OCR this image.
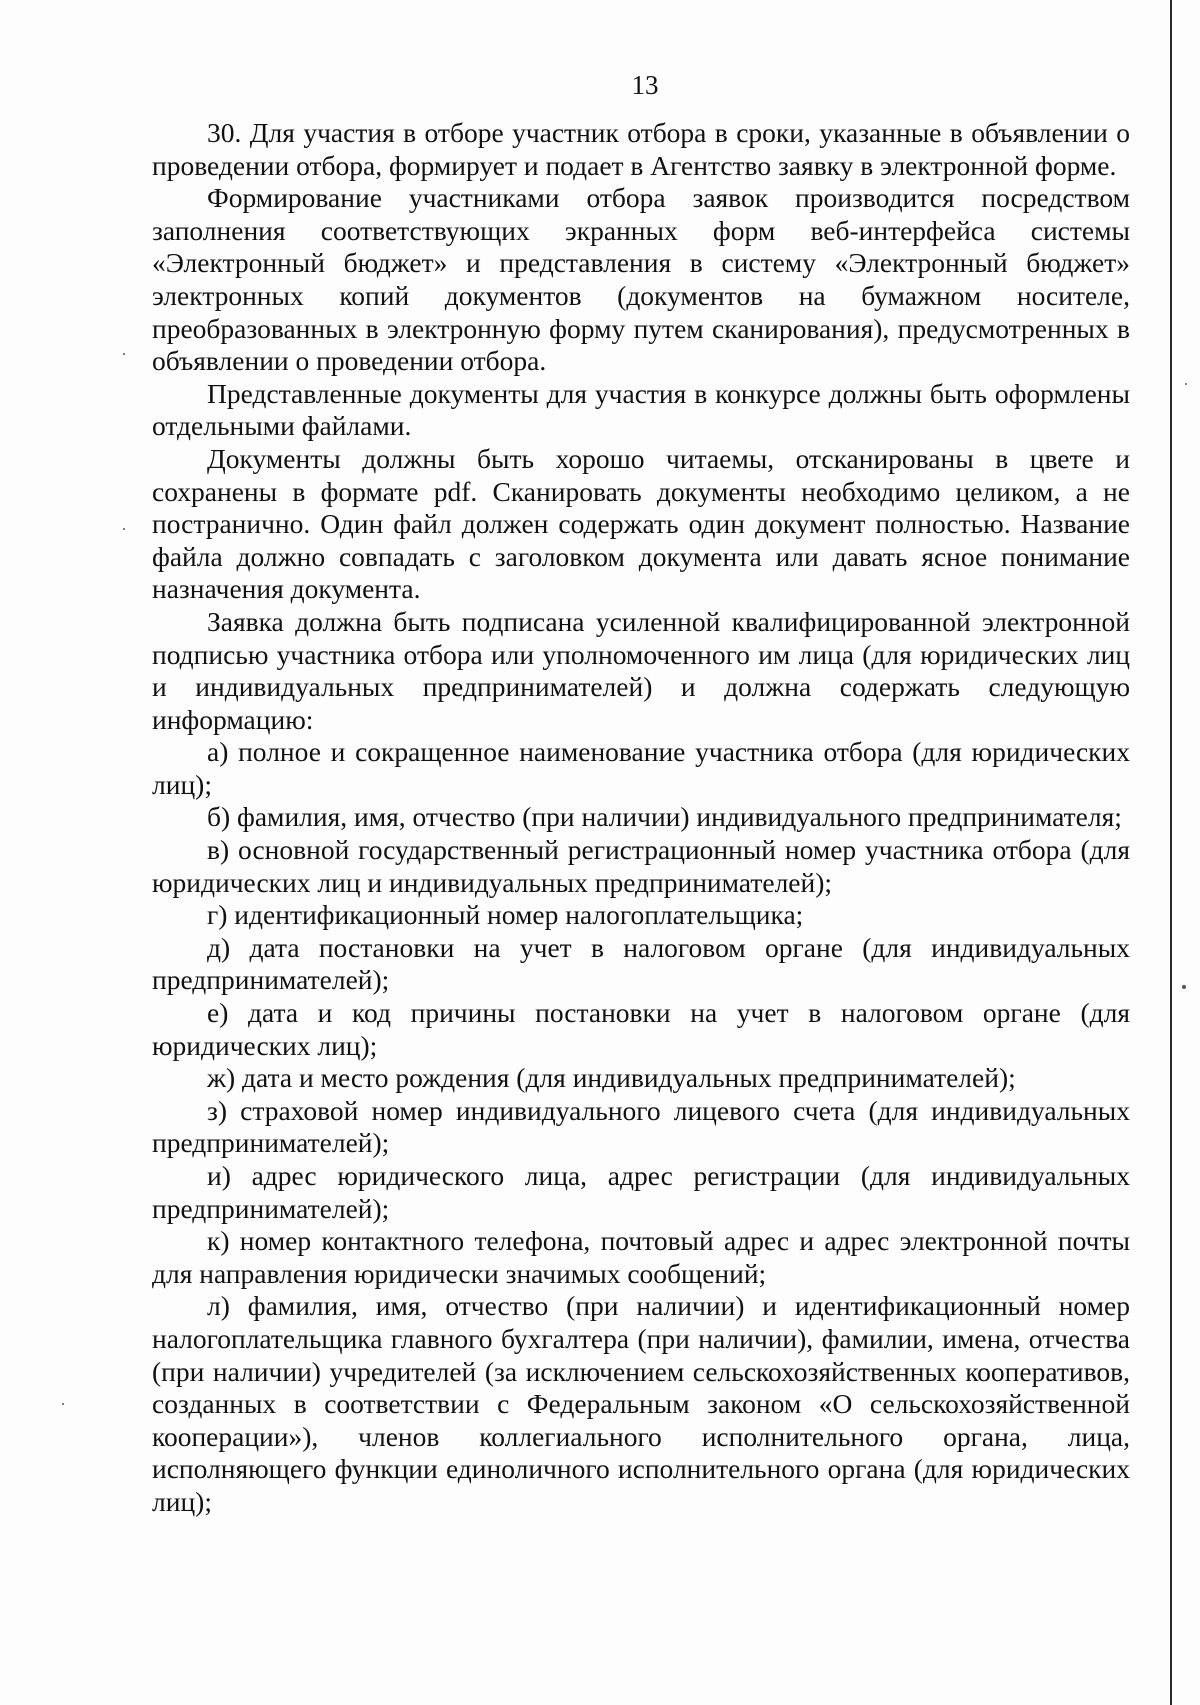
13

30. Для участия в отборе участник отбора в сроки, указанные в объявлении о проведении отбора, формирует и подает в Агентство заявку в электронной форме.

Формирование участниками отбора заявок производится посредством заполнения соответствующих экранных форм веб-интерфейса системы «Электронный бюджет» и представления в систему «Электронный бюджет» электронных копий документов (документов на бумажном носителе, преобразованных в электронную форму путем сканирования), предусмотренных в объявлении о проведении отбора.

Представленные документы для участия в конкурсе должны быть оформлены отдельными файлами.

Документы должны быть хорошо читаемы, отсканированы в цвете и сохранены в формате pdf. Сканировать документы необходимо целиком, а не постранично. Один файл должен содержать один документ полностью. Название файла должно совпадать с заголовком документа или давать ясное понимание назначения документа.

Заявка должна быть подписана усиленной квалифицированной электронной подписью участника отбора или уполномоченного им лица (для юридических лиц и индивидуальных предпринимателей) и должна содержать следующую информацию:

а) полное и сокращенное наименование участника отбора (для юридических лиц);

б) фамилия, имя, отчество (при наличии) индивидуального предпринимателя;

в) основной государственный регистрационный номер участника отбора (для юридических лиц и индивидуальных предпринимателей);

г) идентификационный номер налогоплательщика;

д) дата постановки на учет в налоговом органе (для индивидуальных предпринимателей);

е) дата и код причины постановки на учет в налоговом органе (для юридических лиц);

ж) дата и место рождения (для индивидуальных предпринимателей);

з) страховой номер индивидуального лицевого счета (для индивидуальных предпринимателей);

и) адрес юридического лица, адрес регистрации (для индивидуальных предпринимателей);

к) номер контактного телефона, почтовый адрес и адрес электронной почты для направления юридически значимых сообщений;

л) фамилия, имя, отчество (при наличии) и идентификационный номер налогоплательщика главного бухгалтера (при наличии), фамилии, имена, отчества (при наличии) учредителей (за исключением сельскохозяйственных кооперативов, созданных в соответствии с Федеральным законом «О сельскохозяйственной кооперации»), членов коллегиального исполнительного органа, лица, исполняющего функции единоличного исполнительного органа (для юридических лиц);
